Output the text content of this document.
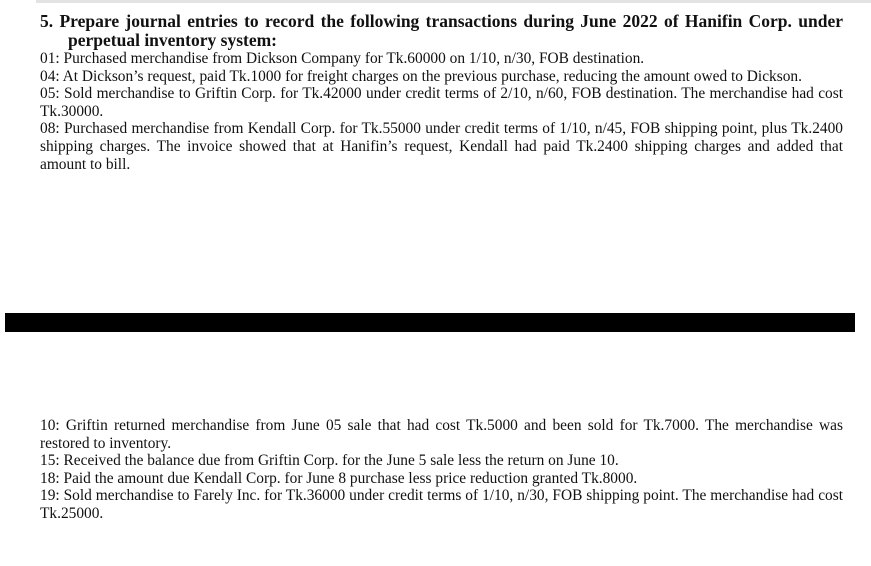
5. Prepare journal entries to record the following transactions during June 2022 of Hanifin Corp. under perpetual inventory system:

01: Purchased merchandise from Dickson Company for Tk.60000 on 1/10, n/30, FOB destination.

04: At Dickson’s request, paid Tk.1000 for freight charges on the previous purchase, reducing the amount owed to Dickson.

05: Sold merchandise to Griftin Corp. for Tk.42000 under credit terms of 2/10, n/60, FOB destination. The merchandise had cost Tk.30000.

08: Purchased merchandise from Kendall Corp. for Tk.55000 under credit terms of 1/10, n/45, FOB shipping point, plus Tk.2400 shipping charges. The invoice showed that at Hanifin’s request, Kendall had paid Tk.2400 shipping charges and added that amount to bill.

10: Griftin returned merchandise from June 05 sale that had cost Tk.5000 and been sold for Tk.7000. The merchandise was restored to inventory.

15: Received the balance due from Griftin Corp. for the June 5 sale less the return on June 10.

18: Paid the amount due Kendall Corp. for June 8 purchase less price reduction granted Tk.8000.

19: Sold merchandise to Farely Inc. for Tk.36000 under credit terms of 1/10, n/30, FOB shipping point. The merchandise had cost Tk.25000.
